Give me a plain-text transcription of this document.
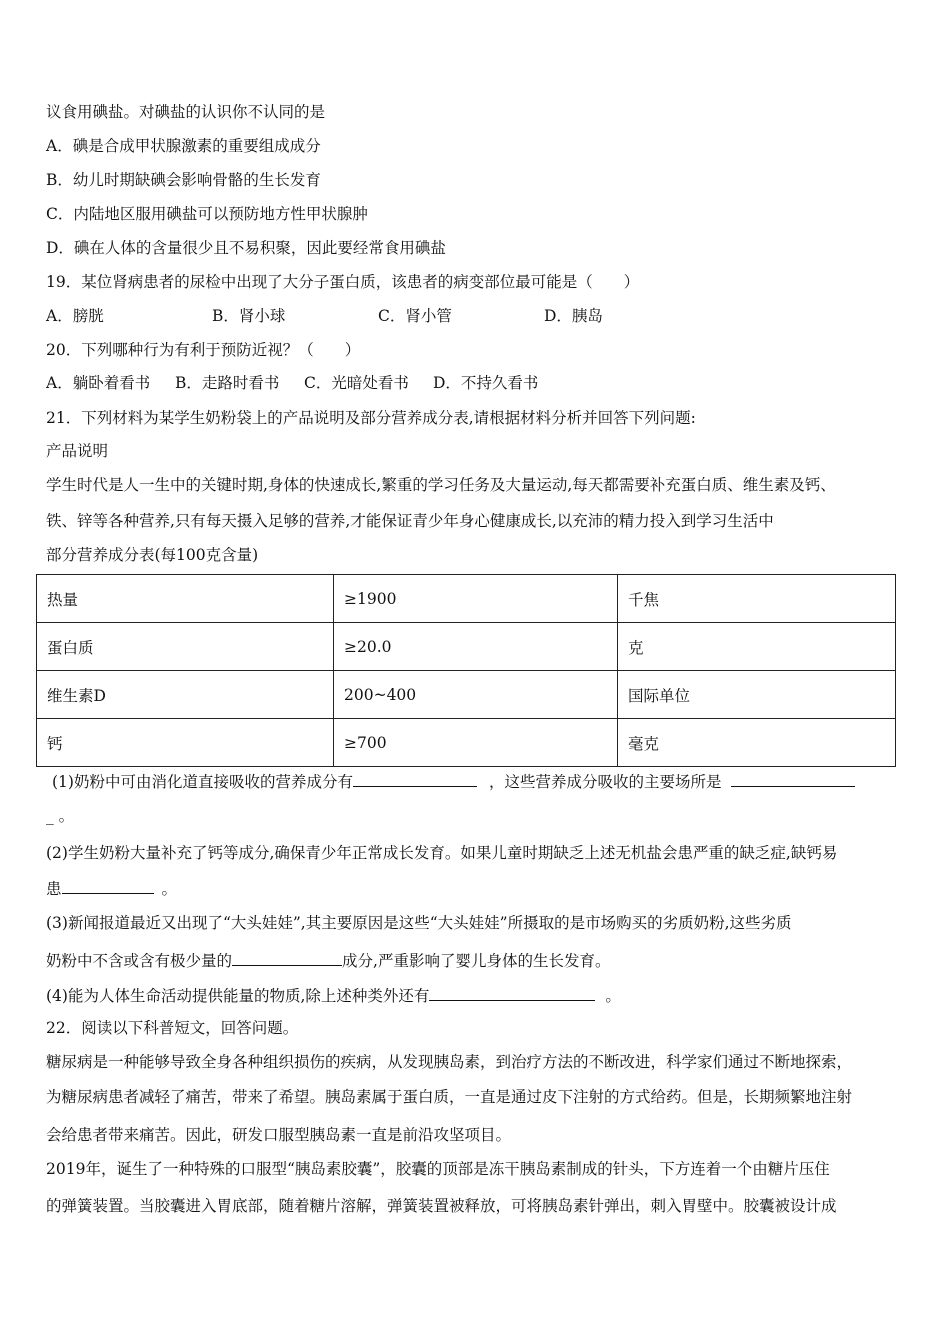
议食用碘盐。对碘盐的认识你不认同的是
A．碘是合成甲状腺激素的重要组成成分
B．幼儿时期缺碘会影响骨骼的生长发育
C．内陆地区服用碘盐可以预防地方性甲状腺肿
D．碘在人体的含量很少且不易积聚，因此要经常食用碘盐
19．某位肾病患者的尿检中出现了大分子蛋白质，该患者的病变部位最可能是（　　）
A．膀胱	B．肾小球	C．肾小管	D．胰岛
20．下列哪种行为有利于预防近视？（　　）
A．躺卧着看书 B．走路时看书 C．光暗处看书 D．不持久看书
21．下列材料为某学生奶粉袋上的产品说明及部分营养成分表,请根据材料分析并回答下列问题:
产品说明
学生时代是人一生中的关键时期,身体的快速成长,繁重的学习任务及大量运动,每天都需要补充蛋白质、维生素及钙、
铁、锌等各种营养,只有每天摄入足够的营养,才能保证青少年身心健康成长,以充沛的精力投入到学习生活中
部分营养成分表(每100克含量)
热量	≥1900	千焦
蛋白质	≥20.0	克
维生素D	200~400	国际单位
钙	≥700	毫克
(1)奶粉中可由消化道直接吸收的营养成分有	，这些营养成分吸收的主要场所是
_ 。
(2)学生奶粉大量补充了钙等成分,确保青少年正常成长发育。如果儿童时期缺乏上述无机盐会患严重的缺乏症,缺钙易
患	。
(3)新闻报道最近又出现了“大头娃娃”,其主要原因是这些“大头娃娃”所摄取的是市场购买的劣质奶粉,这些劣质
奶粉中不含或含有极少量的	成分,严重影响了婴儿身体的生长发育。
(4)能为人体生命活动提供能量的物质,除上述种类外还有	。
22．阅读以下科普短文，回答问题。
糖尿病是一种能够导致全身各种组织损伤的疾病，从发现胰岛素，到治疗方法的不断改进，科学家们通过不断地探索，
为糖尿病患者减轻了痛苦，带来了希望。胰岛素属于蛋白质，一直是通过皮下注射的方式给药。但是，长期频繁地注射
会给患者带来痛苦。因此，研发口服型胰岛素一直是前沿攻坚项目。
2019年，诞生了一种特殊的口服型“胰岛素胶囊”，胶囊的顶部是冻干胰岛素制成的针头，下方连着一个由糖片压住
的弹簧装置。当胶囊进入胃底部，随着糖片溶解，弹簧装置被释放，可将胰岛素针弹出，刺入胃壁中。胶囊被设计成
